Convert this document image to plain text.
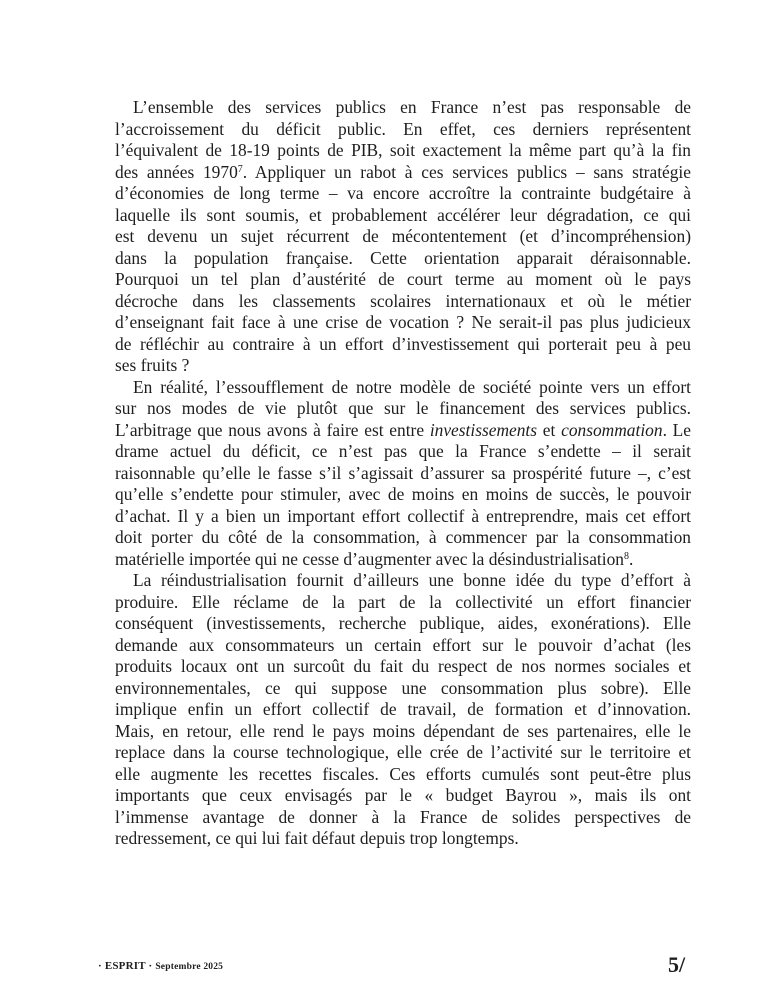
L’ensemble des services publics en France n’est pas responsable de
l’accroissement du déficit public. En effet, ces derniers représentent
l’équivalent de 18-19 points de PIB, soit exactement la même part qu’à la fin
des années 1970$^7$. Appliquer un rabot à ces services publics – sans stratégie
d’économies de long terme – va encore accroître la contrainte budgétaire à
laquelle ils sont soumis, et probablement accélérer leur dégradation, ce qui
est devenu un sujet récurrent de mécontentement (et d’incompréhension)
dans la population française. Cette orientation apparait déraisonnable.
Pourquoi un tel plan d’austérité de court terme au moment où le pays
décroche dans les classements scolaires internationaux et où le métier
d’enseignant fait face à une crise de vocation ? Ne serait-il pas plus judicieux
de réfléchir au contraire à un effort d’investissement qui porterait peu à peu
ses fruits ?
En réalité, l’essoufflement de notre modèle de société pointe vers un effort
sur nos modes de vie plutôt que sur le financement des services publics.
L’arbitrage que nous avons à faire est entre investissements et consommation. Le
drame actuel du déficit, ce n’est pas que la France s’endette – il serait
raisonnable qu’elle le fasse s’il s’agissait d’assurer sa prospérité future –, c’est
qu’elle s’endette pour stimuler, avec de moins en moins de succès, le pouvoir
d’achat. Il y a bien un important effort collectif à entreprendre, mais cet effort
doit porter du côté de la consommation, à commencer par la consommation
matérielle importée qui ne cesse d’augmenter avec la désindustrialisation$^8$.
La réindustrialisation fournit d’ailleurs une bonne idée du type d’effort à
produire. Elle réclame de la part de la collectivité un effort financier
conséquent (investissements, recherche publique, aides, exonérations). Elle
demande aux consommateurs un certain effort sur le pouvoir d’achat (les
produits locaux ont un surcoût du fait du respect de nos normes sociales et
environnementales, ce qui suppose une consommation plus sobre). Elle
implique enfin un effort collectif de travail, de formation et d’innovation.
Mais, en retour, elle rend le pays moins dépendant de ses partenaires, elle le
replace dans la course technologique, elle crée de l’activité sur le territoire et
elle augmente les recettes fiscales. Ces efforts cumulés sont peut-être plus
importants que ceux envisagés par le « budget Bayrou », mais ils ont
l’immense avantage de donner à la France de solides perspectives de
redressement, ce qui lui fait défaut depuis trop longtemps.
· ESPRIT · Septembre 2025	5/
